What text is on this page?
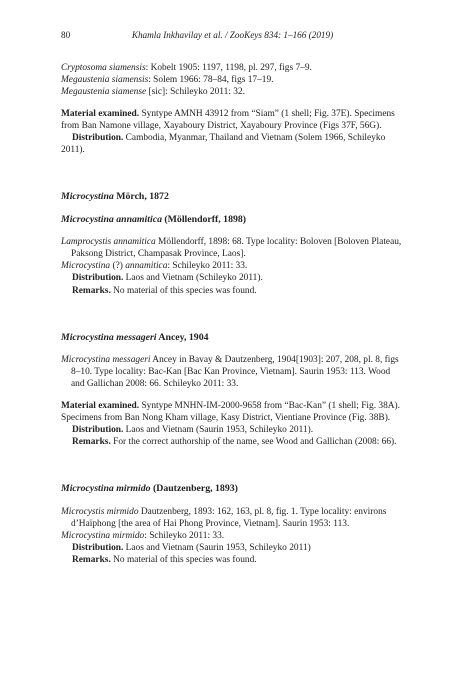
80	Khamla Inkhavilay et al. / ZooKeys 834: 1–166 (2019)

Cryptosoma siamensis: Kobelt 1905: 1197, 1198, pl. 297, figs 7–9.

Megaustenia siamensis: Solem 1966: 78–84, figs 17–19.

Megaustenia siamense [sic]: Schileyko 2011: 32.

Material examined. Syntype AMNH 43912 from “Siam” (1 shell; Fig. 37E). Specimens from Ban Namone village, Xayaboury District, Xayaboury Province (Figs 37F, 56G).

Distribution. Cambodia, Myanmar, Thailand and Vietnam (Solem 1966, Schileyko 2011).

Microcystina Mörch, 1872

Microcystina annamitica (Möllendorff, 1898)

Lamprocystis annamitica Möllendorff, 1898: 68. Type locality: Boloven [Boloven Plateau, Paksong District, Champasak Province, Laos].

Microcystina (?) annamitica: Schileyko 2011: 33.

Distribution. Laos and Vietnam (Schileyko 2011).

Remarks. No material of this species was found.

Microcystina messageri Ancey, 1904

Microcystina messageri Ancey in Bavay & Dautzenberg, 1904[1903]: 207, 208, pl. 8, figs 8–10. Type locality: Bac-Kan [Bac Kan Province, Vietnam]. Saurin 1953: 113. Wood and Gallichan 2008: 66. Schileyko 2011: 33.

Material examined. Syntype MNHN-IM-2000-9658 from “Bac-Kan” (1 shell; Fig. 38A). Specimens from Ban Nong Kham village, Kasy District, Vientiane Province (Fig. 38B).

Distribution. Laos and Vietnam (Saurin 1953, Schileyko 2011).

Remarks. For the correct authorship of the name, see Wood and Gallichan (2008: 66).

Microcystina mirmido (Dautzenberg, 1893)

Microcystis mirmido Dautzenberg, 1893: 162, 163, pl. 8, fig. 1. Type locality: environs d’Haïphong [the area of Hai Phong Province, Vietnam]. Saurin 1953: 113.

Microcystina mirmido: Schileyko 2011: 33.

Distribution. Laos and Vietnam (Saurin 1953, Schileyko 2011)

Remarks. No material of this species was found.
